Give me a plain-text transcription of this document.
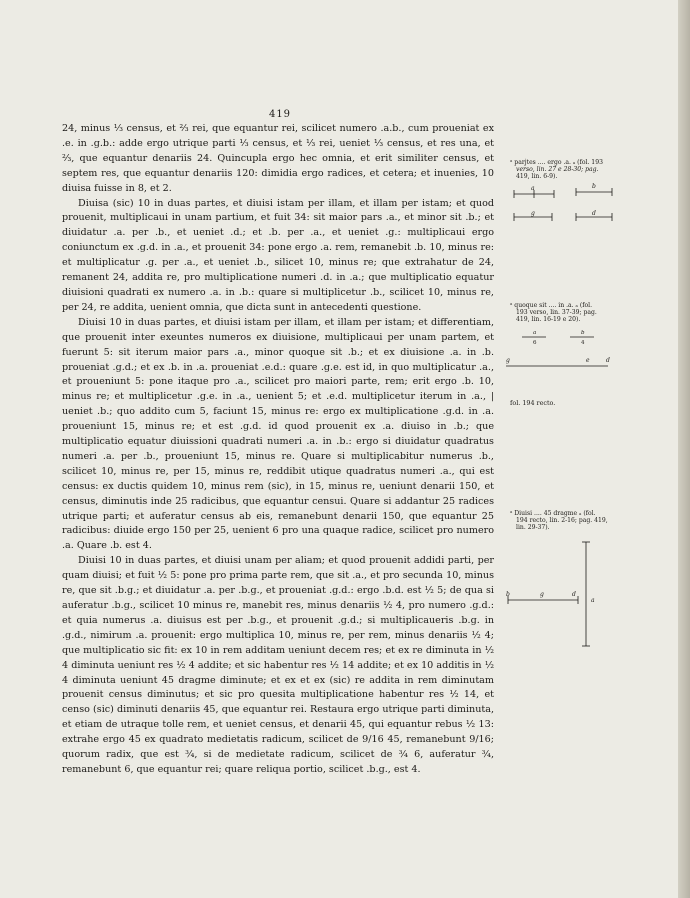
419

24, minus ⅓ census, et ⅔ rei, que equantur rei, scilicet numero .a.b., cum proueniat ex .e. in .g.b.: adde ergo utrique parti ⅓ census, et ⅓ rei, ueniet ⅓ census, et res una, et ⅔, que equantur denariis 24. Quincupla ergo hec omnia, et erit similiter census, et septem res, que equantur denariis 120: dimidia ergo radices, et cetera; et inuenies, 10 diuisa fuisse in 8, et 2.

Diuisa (sic) 10 in duas partes, et diuisi istam per illam, et illam per istam; et quod prouenit, multiplicaui in unam partium, et fuit 34: sit maior pars .a., et minor sit .b.; et diuidatur .a. per .b., et ueniet .d.; et .b. per .a., et ueniet .g.: multiplicaui ergo coniunctum ex .g.d. in .a., et prouenit 34: pone ergo .a. rem, remanebit .b. 10, minus re: et multiplicatur .g. per .a., et ueniet .b., silicet 10, minus re; que extrahatur de 24, remanent 24, addita re, pro multiplicatione numeri .d. in .a.; que multiplicatio equatur diuisioni quadrati ex numero .a. in .b.: quare si multiplicetur .b., scilicet 10, minus re, per 24, re addita, uenient omnia, que dicta sunt in antecedenti questione.

Diuisi 10 in duas partes, et diuisi istam per illam, et illam per istam; et differentiam, que prouenit inter exeuntes numeros ex diuisione, multiplicaui per unam partem, et fuerunt 5: sit iterum maior pars .a., minor quoque sit .b.; et ex diuisione .a. in .b. proueniat .g.d.; et ex .b. in .a. proueniat .e.d.: quare .g.e. est id, in quo multiplicatur .a., et proueniunt 5: pone itaque pro .a., scilicet pro maiori parte, rem; erit ergo .b. 10, minus re; et multiplicetur .g.e. in .a., uenient 5; et .e.d. multiplicetur iterum in .a., | ueniet .b.; quo addito cum 5, faciunt 15, minus re: ergo ex multiplicatione .g.d. in .a. proueniunt 15, minus re; et est .g.d. id quod prouenit ex .a. diuiso in .b.; que multiplicatio equatur diuissioni quadrati numeri .a. in .b.: ergo si diuidatur quadratus numeri .a. per .b., proueniunt 15, minus re. Quare si multiplicabitur numerus .b., scilicet 10, minus re, per 15, minus re, reddibit utique quadratus numeri .a., qui est census: ex ductis quidem 10, minus rem (sic), in 15, minus re, ueniunt denarii 150, et census, diminutis inde 25 radicibus, que equantur censui. Quare si addantur 25 radices utrique parti; et auferatur census ab eis, remanebunt denarii 150, que equantur 25 radicibus: diuide ergo 150 per 25, uenient 6 pro una quaque radice, scilicet pro numero .a. Quare .b. est 4.

Diuisi 10 in duas partes, et diuisi unam per aliam; et quod prouenit addidi parti, per quam diuisi; et fuit ½ 5: pone pro prima parte rem, que sit .a., et pro secunda 10, minus re, que sit .b.g.; et diuidatur .a. per .b.g., et proueniat .g.d.: ergo .b.d. est ½ 5; de qua si auferatur .b.g., scilicet 10 minus re, manebit res, minus denariis ½ 4, pro numero .g.d.: et quia numerus .a. diuisus est per .b.g., et prouenit .g.d.; si multiplicaueris .b.g. in .g.d., nimirum .a. prouenit: ergo multiplica 10, minus re, per rem, minus denariis ½ 4; que multiplicatio sic fit: ex 10 in rem additam ueniunt decem res; et ex re diminuta in ½ 4 diminuta ueniunt res ½ 4 addite; et sic habentur res ½ 14 addite; et ex 10 additis in ½ 4 diminuta ueniunt 45 dragme diminute; et ex et ex (sic) re addita in rem diminutam prouenit census diminutus; et sic pro quesita multiplicatione habentur res ½ 14, et censo (sic) diminuti denariis 45, que equantur rei. Restaura ergo utrique parti diminuta, et etiam de utraque tolle rem, et ueniet census, et denarii 45, qui equantur rebus ½ 13: extrahe ergo 45 ex quadrato medietatis radicum, scilicet de 9/16 45, remanebunt 9/16; quorum radix, que est ¾, si de medietate radicum, scilicet de ¾ 6, auferatur ¾, remanebunt 6, que equantur rei; quare reliqua portio, scilicet .b.g., est 4.

ᵃ parj̇tes .... ergo .a. ₐ (fol. 193

verso, lin. 27 e 28-30; pag.

419, lin. 6-9).

a	b
g	d

ᵃ quoque sit .... in .a. ₐ (fol.

193 verso, lin. 37-39; pag.

419, lin. 16-19 e 20).

a
6
b
4
g	e	d
fol. 194 recto.

ᵃ Diuisi .... 45 dragme ₐ (fol.

194 recto, lin. 2-16; pag. 419,

lin. 29-37).

b	g	d
a
